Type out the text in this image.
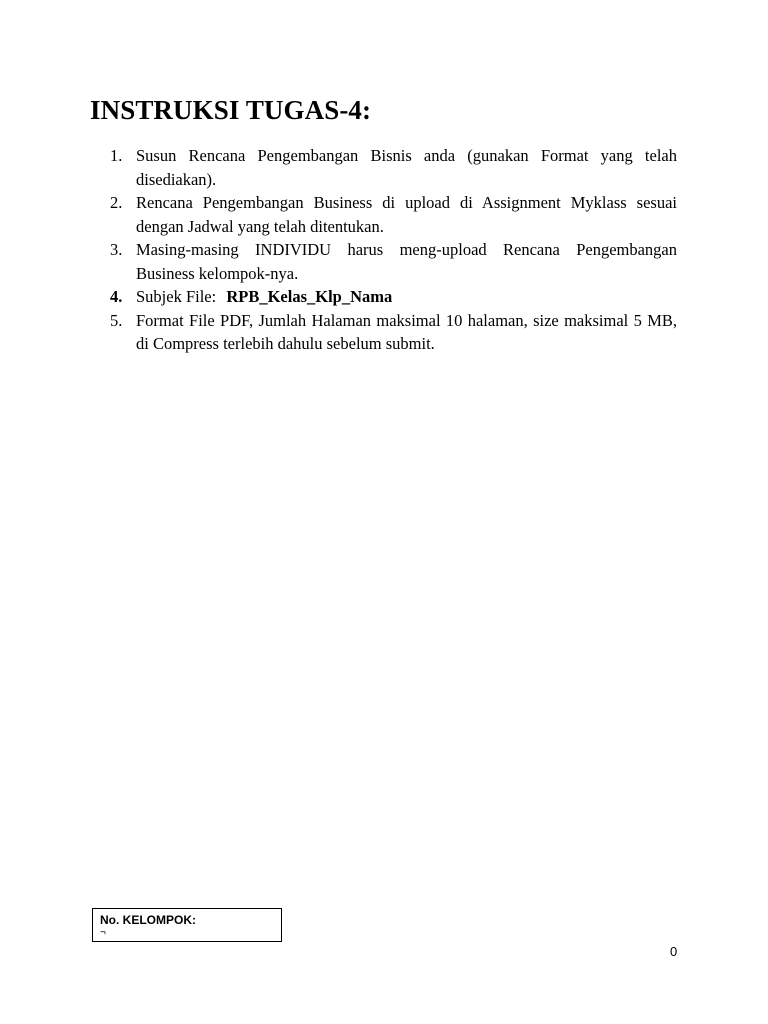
INSTRUKSI TUGAS-4:
1. Susun Rencana Pengembangan Bisnis anda (gunakan Format yang telah disediakan).
2. Rencana Pengembangan Business di upload di Assignment Myklass sesuai dengan Jadwal yang telah ditentukan.
3. Masing-masing INDIVIDU harus meng-upload Rencana Pengembangan Business kelompok-nya.
4. Subjek File: RPB_Kelas_Klp_Nama
5. Format File PDF, Jumlah Halaman maksimal 10 halaman, size maksimal 5 MB, di Compress terlebih dahulu sebelum submit.
No. KELOMPOK:
¬
0
